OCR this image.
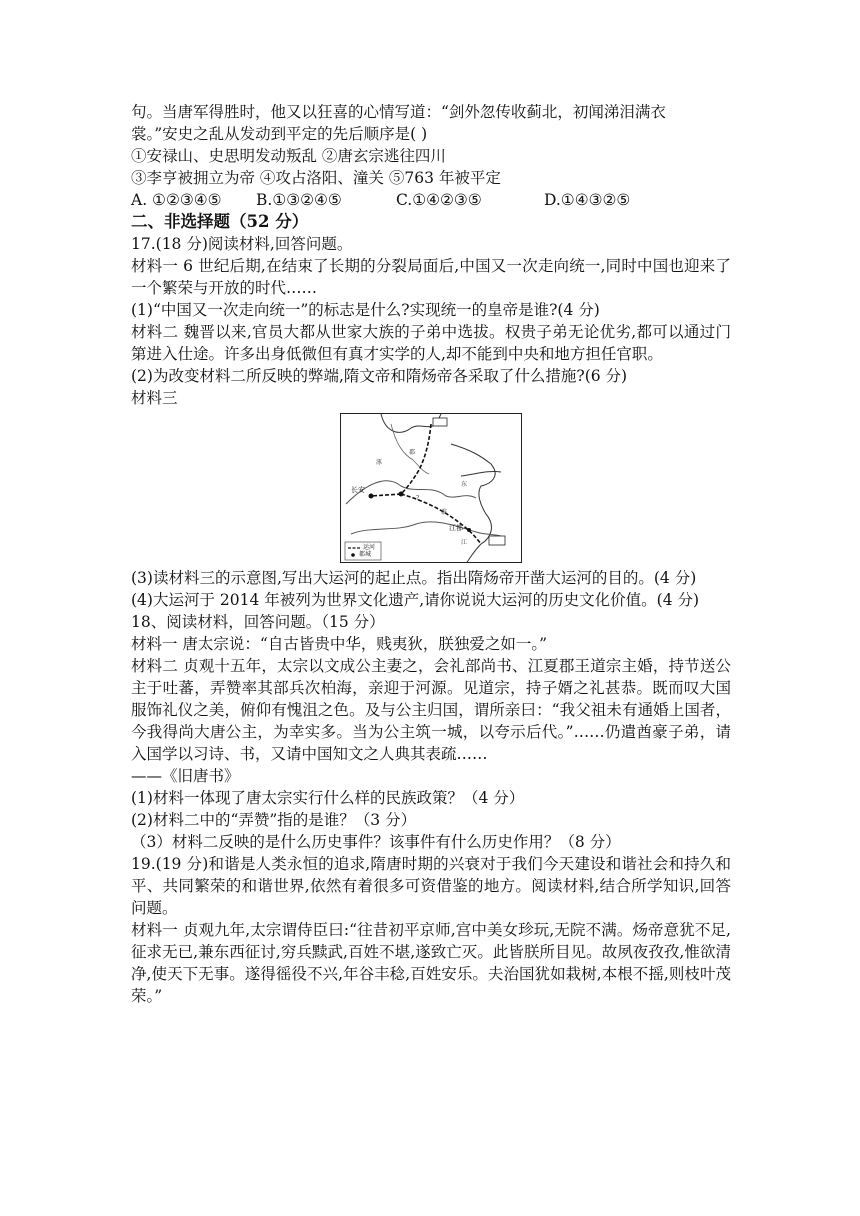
句。当唐军得胜时，他又以狂喜的心情写道：“剑外忽传收蓟北，初闻涕泪满衣
裳。”安史之乱从发动到平定的先后顺序是( )
①安禄山、史思明发动叛乱 ②唐玄宗逃往四川
③李亨被拥立为帝 ④攻占洛阳、潼关 ⑤763 年被平定
A. ①②③④⑤	B.①③②④⑤	C.①④②③⑤	D.①④③②⑤
二、非选择题（52 分）
17.(18 分)阅读材料,回答问题。
材料一 6 世纪后期,在结束了长期的分裂局面后,中国又一次走向统一,同时中国也迎来了一个繁荣与开放的时代……
(1)“中国又一次走向统一”的标志是什么?实现统一的皇帝是谁?(4 分)
材料二 魏晋以来,官员大都从世家大族的子弟中选拔。权贵子弟无论优劣,都可以通过门第进入仕途。许多出身低微但有真才实学的人,却不能到中央和地方担任官职。
(2)为改变材料二所反映的弊端,隋文帝和隋炀帝各采取了什么措施?(6 分)
材料三
涿
郡
东
淮
江
?
长安
江都
运河
都城
(3)读材料三的示意图,写出大运河的起止点。指出隋炀帝开凿大运河的目的。(4 分)
(4)大运河于 2014 年被列为世界文化遗产,请你说说大运河的历史文化价值。(4 分)
18、阅读材料，回答问题。（15 分）
材料一 唐太宗说：“自古皆贵中华，贱夷狄，朕独爱之如一。”
材料二 贞观十五年，太宗以文成公主妻之，会礼部尚书、江夏郡王道宗主婚，持节送公主于吐蕃，弄赞率其部兵次柏海，亲迎于河源。见道宗，持子婿之礼甚恭。既而叹大国服饰礼仪之美，俯仰有愧沮之色。及与公主归国，谓所亲曰：“我父祖未有通婚上国者，今我得尚大唐公主，为幸实多。当为公主筑一城，以夸示后代。”……仍遣酋豪子弟，请入国学以习诗、书，又请中国知文之人典其表疏……
——《旧唐书》
(1)材料一体现了唐太宗实行什么样的民族政策？（4 分）
(2)材料二中的“弄赞”指的是谁？（3 分）
（3）材料二反映的是什么历史事件？该事件有什么历史作用？（8 分）
19.(19 分)和谐是人类永恒的追求,隋唐时期的兴衰对于我们今天建设和谐社会和持久和平、共同繁荣的和谐世界,依然有着很多可资借鉴的地方。阅读材料,结合所学知识,回答问题。
材料一 贞观九年,太宗谓侍臣曰:“往昔初平京师,宫中美女珍玩,无院不满。炀帝意犹不足,征求无已,兼东西征讨,穷兵黩武,百姓不堪,遂致亡灭。此皆朕所目见。故夙夜孜孜,惟欲清净,使天下无事。遂得徭役不兴,年谷丰稔,百姓安乐。夫治国犹如栽树,本根不摇,则枝叶茂荣。”
